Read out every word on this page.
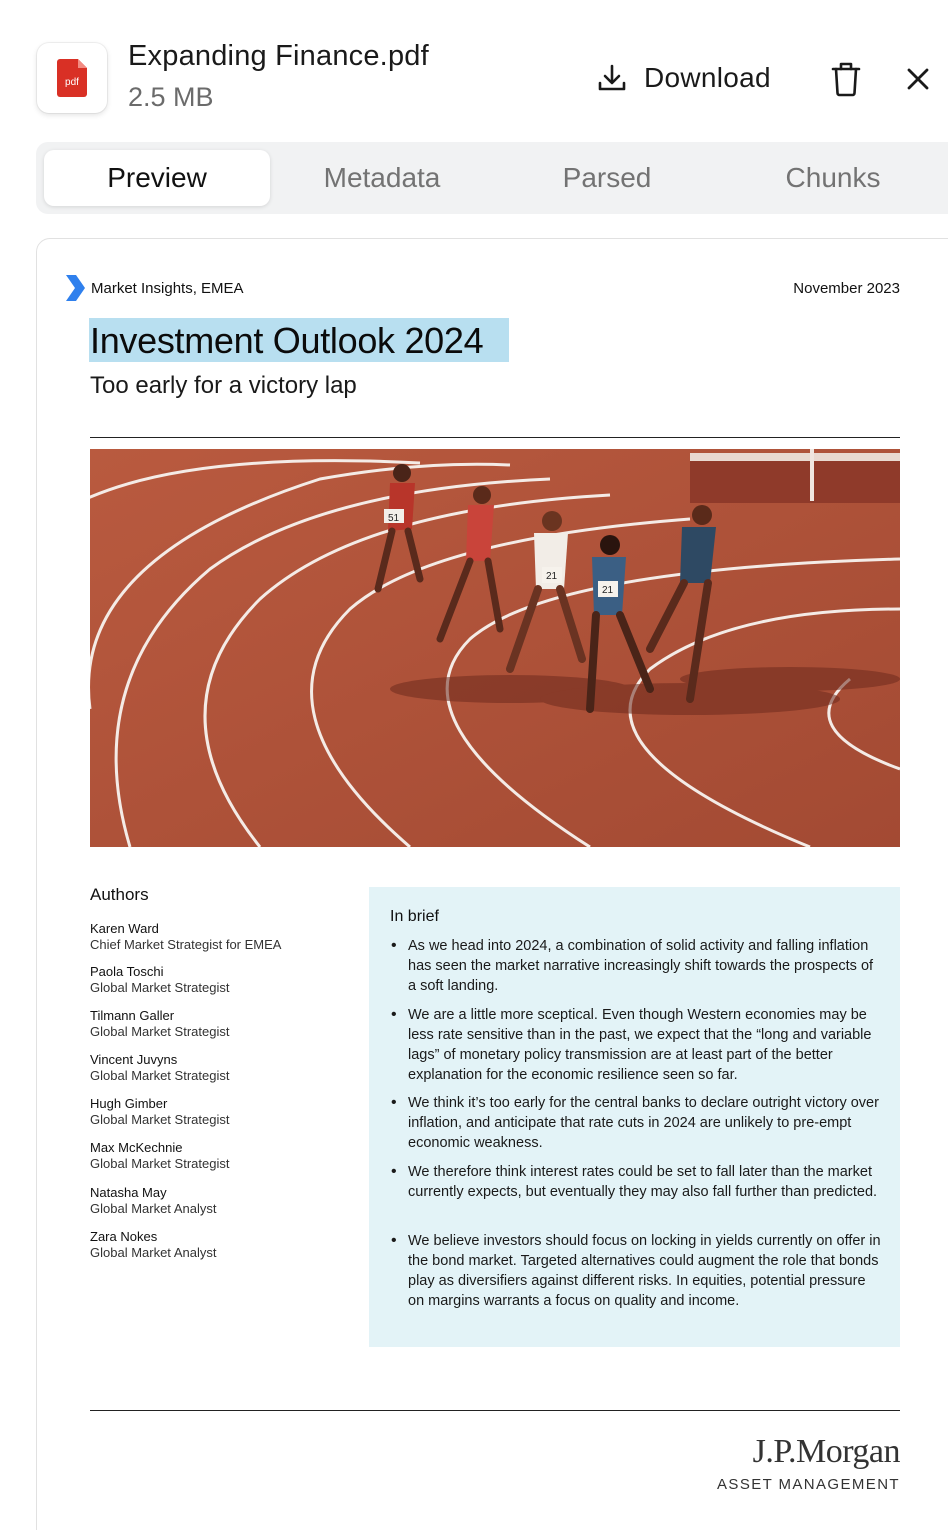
pdf
Expanding Finance.pdf
2.5 MB
Download
Preview	Metadata	Parsed	Chunks
Market Insights, EMEA	November 2023
Investment Outlook 2024
Too early for a victory lap
51
21
21
Authors
Karen Ward
Chief Market Strategist for EMEA
Paola Toschi
Global Market Strategist
Tilmann Galler
Global Market Strategist
Vincent Juvyns
Global Market Strategist
Hugh Gimber
Global Market Strategist
Max McKechnie
Global Market Strategist
Natasha May
Global Market Analyst
Zara Nokes
Global Market Analyst
In brief
• As we head into 2024, a combination of solid activity and falling inflation has seen the market narrative increasingly shift towards the prospects of a soft landing.
• We are a little more sceptical. Even though Western economies may be less rate sensitive than in the past, we expect that the “long and variable lags” of monetary policy transmission are at least part of the better explanation for the economic resilience seen so far.
• We think it’s too early for the central banks to declare outright victory over inflation, and anticipate that rate cuts in 2024 are unlikely to pre-empt economic weakness.
• We therefore think interest rates could be set to fall later than the market currently expects, but eventually they may also fall further than predicted.
• We believe investors should focus on locking in yields currently on offer in the bond market. Targeted alternatives could augment the role that bonds play as diversifiers against different risks. In equities, potential pressure on margins warrants a focus on quality and income.
J.P.Morgan
ASSET MANAGEMENT
